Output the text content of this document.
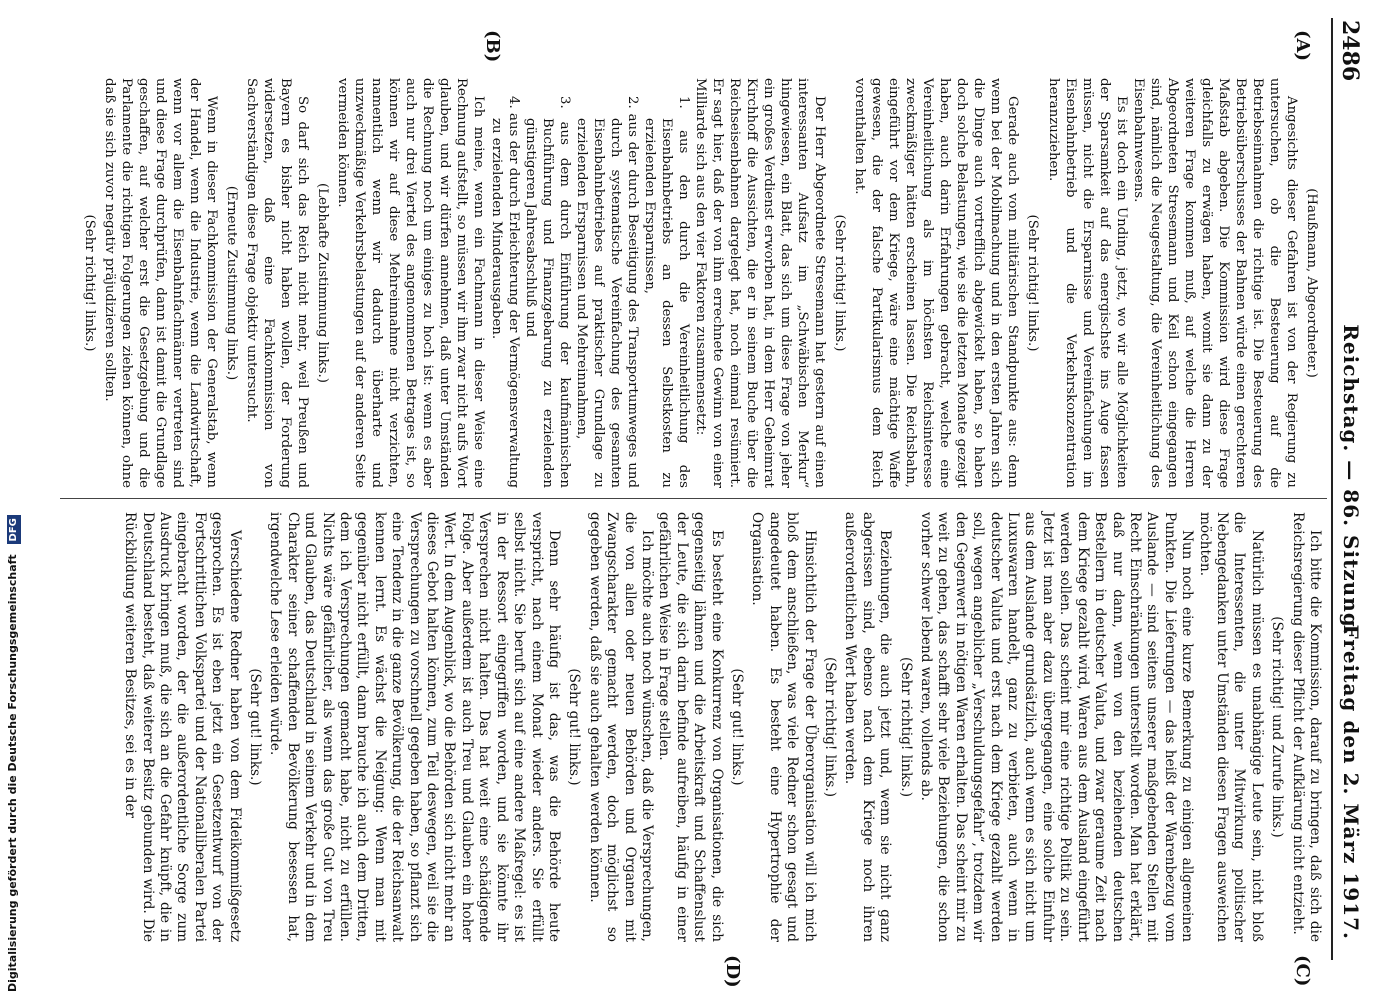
2486
Reichstag. — 86. Sitzung.
Freitag den 2. März 1917.
(A)
(B)
(C)
(D)

(Haußmann, Abgeordneter.)

Angesichts dieser Gefahren ist von der Regierung zu untersuchen, ob die Besteuerung auf die Betriebseinnahmen die richtige ist. Die Besteuerung des Betriebsüberschusses der Bahnen würde einen gerechteren Maßstab abgeben. Die Kommission wird diese Frage gleichfalls zu erwägen haben, womit sie dann zu der weiteren Frage kommen muß, auf welche die Herren Abgeordneten Stresemann und Keil schon eingegangen sind, nämlich die Neugestaltung, die Vereinheitlichung des Eisenbahnwesens.

Es ist doch ein Unding, jetzt, wo wir alle Möglichkeiten der Sparsamkeit auf das energischste ins Auge fassen müssen, nicht die Ersparnisse und Vereinfachungen im Eisenbahnbetrieb und die Verkehrskonzentration heranzuziehen.

(Sehr richtig! links.)

Gerade auch vom militärischen Standpunkte aus: denn wenn bei der Mobilmachung und in den ersten Jahren sich die Dinge auch vortrefflich abgewickelt haben, so haben doch solche Belastungen, wie sie die letzten Monate gezeigt haben, auch darin Erfahrungen gebracht, welche eine Vereinheitlichung als im höchsten Reichsinteresse zweckmäßiger hätten erscheinen lassen. Die Reichsbahn, eingeführt vor dem Kriege, wäre eine mächtige Waffe gewesen, die der falsche Partikularismus dem Reich vorenthalten hat.

(Sehr richtig! links.)

Der Herr Abgeordnete Stresemann hat gestern auf einen interessanten Aufsatz im „Schwäbischen Merkur“ hingewiesen, ein Blatt, das sich um diese Frage von jeher ein großes Verdienst erworben hat, in dem Herr Geheimrat Kirchhoff die Aussichten, die er in seinem Buche über die Reichseisenbahnen dargelegt hat, noch einmal resümiert. Er sagt hier, daß der von ihm errechnete Gewinn von einer Milliarde sich aus den vier Faktoren zusammensetzt:

1. aus den durch die Vereinheitlichung des Eisenbahnbetriebs an dessen Selbstkosten zu erzielenden Ersparnissen,

2. aus der durch Beseitigung des Transportumweges und durch systematische Vereinfachung des gesamten Eisenbahnbetriebes auf praktischer Grundlage zu erzielenden Ersparnissen und Mehreinnahmen,

3. aus dem durch Einführung der kaufmännischen Buchführung und Finanzgebarung zu erzielenden günstigeren Jahresabschluß und

4. aus der durch Erleichterung der Vermögensverwaltung zu erzielenden Minderausgaben.

Ich meine, wenn ein Fachmann in dieser Weise eine Rechnung aufstellt, so müssen wir ihm zwar nicht aufs Wort glauben, und wir dürfen annehmen, daß unter Umständen die Rechnung noch um einiges zu hoch ist: wenn es aber auch nur drei Viertel des angenommenen Betrages ist, so können wir auf diese Mehreinnahme nicht verzichten, namentlich wenn wir dadurch überharte und unzweckmäßige Verkehrsbelastungen auf der anderen Seite vermeiden können.

(Lebhafte Zustimmung links.)

So darf sich das Reich nicht mehr, weil Preußen und Bayern es bisher nicht haben wollen, der Forderung widersetzen, daß eine Fachkommission von Sachverständigen diese Frage objektiv untersucht.

(Erneute Zustimmung links.)

Wenn in dieser Fachkommission der Generalstab, wenn der Handel, wenn die Industrie, wenn die Landwirtschaft, wenn vor allem die Eisenbahnfachmänner vertreten sind und diese Frage durchprüfen, dann ist damit die Grundlage geschaffen, auf welcher erst die Gesetzgebung und die Parlamente die richtigen Folgerungen ziehen können, ohne daß sie sich zuvor negativ präjudizieren sollten.

(Sehr richtig! links.)

Ich bitte die Kommission, darauf zu bringen, daß sich die Reichsregierung dieser Pflicht der Aufklärung nicht entzieht.

(Sehr richtig! und Zurufe links.)

Natürlich müssen es unabhängige Leute sein, nicht bloß die Interessenten, die unter Mitwirkung politischer Nebengedanken unter Umständen diesen Fragen ausweichen möchten.

Nun noch eine kurze Bemerkung zu einigen allgemeinen Punkten. Die Lieferungen — das heißt der Warenbezug vom Auslande — sind seitens unserer maßgebenden Stellen mit Recht Einschränkungen unterstellt worden. Man hat erklärt, daß nur dann, wenn von den beziehenden deutschen Bestellern in deutscher Valuta, und zwar geraume Zeit nach dem Kriege gezahlt wird, Waren aus dem Ausland eingeführt werden sollen. Das scheint mir eine richtige Politik zu sein. Jetzt ist man aber dazu übergegangen, eine solche Einfuhr aus dem Auslande grundsätzlich, auch wenn es sich nicht um Luxuswaren handelt, ganz zu verbieten, auch wenn in deutscher Valuta und erst nach dem Kriege gezahlt werden soll, wegen angeblicher „Verschuldungsgefahr“, trotzdem wir den Gegenwert in nötigen Waren erhalten. Das scheint mir zu weit zu gehen, das schafft sehr viele Beziehungen, die schon vorher schwer lebend waren, vollends ab.

(Sehr richtig! links.)

Beziehungen, die auch jetzt und, wenn sie nicht ganz abgerissen sind, ebenso nach dem Kriege noch ihren außerordentlichen Wert haben werden.

(Sehr richtig! links.)

Hinsichtlich der Frage der Überorganisation will ich mich bloß dem anschließen, was viele Redner schon gesagt und angedeutet haben. Es besteht eine Hypertrophie der Organisation.

(Sehr gut! links.)

Es besteht eine Konkurrenz von Organisationen, die sich gegenseitig lähmen und die Arbeitskraft und Schaffenslust der Leute, die sich darin befinde aufreiben, häufig in einer gefährlichen Weise in Frage stellen.

Ich möchte auch noch wünschen, daß die Versprechungen, die von allen oder neuen Behörden und Organen mit Zwangscharakter gemacht werden, doch möglichst so gegeben werden, daß sie auch gehalten werden können.

(Sehr gut! links.)

Denn sehr häufig ist das, was die Behörde heute verspricht, nach einem Monat wieder anders. Sie erfüllt selbst nicht. Sie beruft sich auf eine andere Maßregel: es ist in der Ressort eingegriffen worden, und sie könnte ihr Versprechen nicht halten. Das hat weit eine schädigende Folge. Aber außerdem ist auch Treu und Glauben ein hoher Wert. In dem Augenblick, wo die Behörden sich nicht mehr an dieses Gebot halten können, zum Teil deswegen, weil sie die Versprechungen zu vorschnell gegeben haben, so pflanzt sich eine Tendenz in die ganze Bevölkerung, die der Reichsanwalt kennen lernt. Es wächst die Neigung: Wenn man mit gegenüber nicht erfüllt, dann brauche ich auch dem Dritten, dem ich Versprechungen gemacht habe, nicht zu erfüllen. Nichts wäre gefährlicher, als wenn das große Gut von Treu und Glauben, das Deutschland in seinem Verkehr und in dem Charakter seiner schaffenden Bevölkerung besessen hat, irgendwelche Lese erleiden würde.

(Sehr gut! links.)

Verschiedene Redner haben von dem Fideikommißgesetz gesprochen. Es ist eben jetzt ein Gesetzentwurf von der Fortschrittlichen Volkspartei und der Nationalliberalen Partei eingebracht worden, der die außerordentliche Sorge zum Ausdruck bringen muß, die sich an die Gefahr knüpft, die in Deutschland besteht, daß weiterer Besitz gebunden wird. Die Rückbildung weiteren Besitzes, sei es in der

Digitalisierung gefördert durch die Deutsche Forschungsgemeinschaft DFG
